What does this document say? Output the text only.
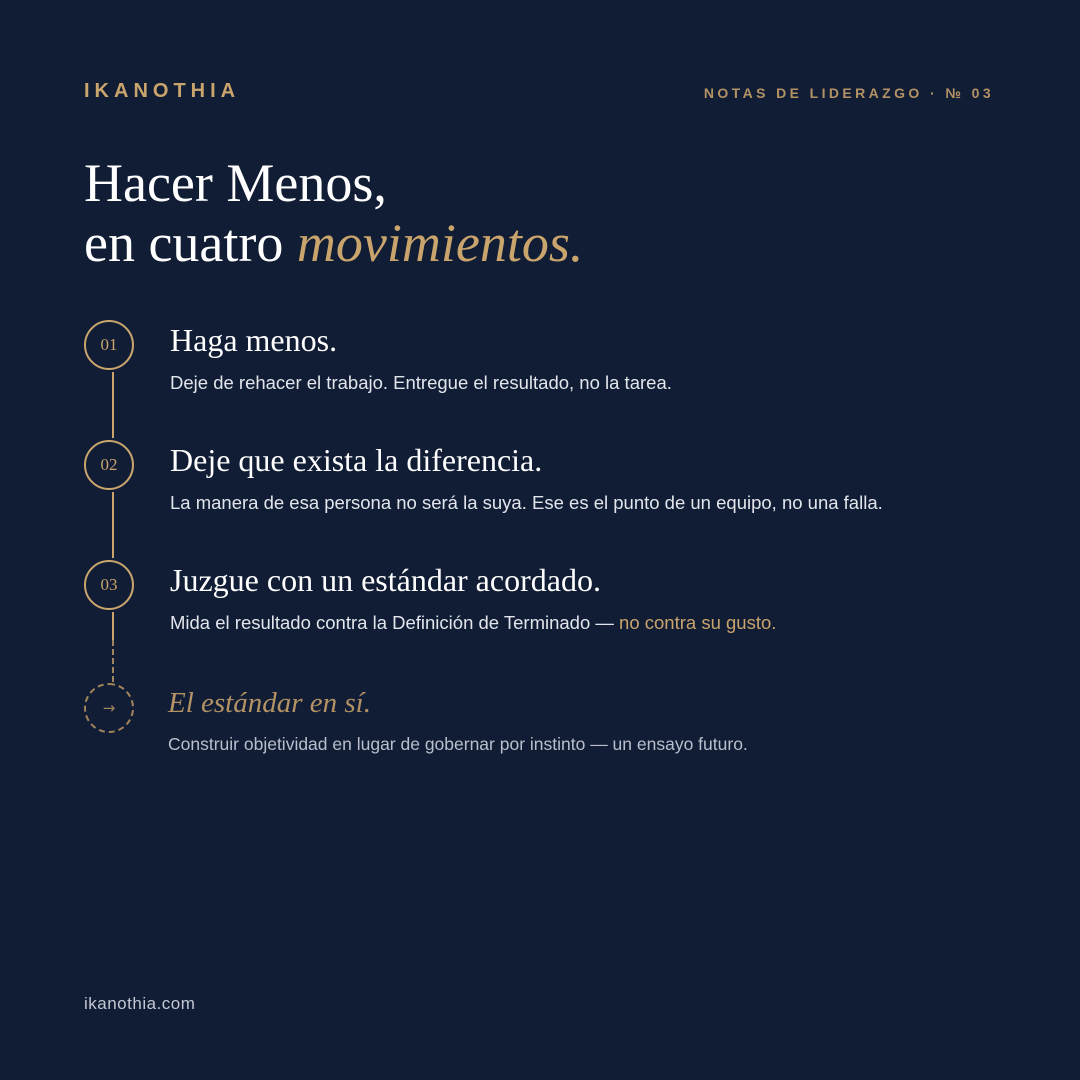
IKANOTHIA	NOTAS DE LIDERAZGO · № 03
Hacer Menos,
en cuatro movimientos.
01	Haga menos.
Deje de rehacer el trabajo. Entregue el resultado, no la tarea.
02	Deje que exista la diferencia.
La manera de esa persona no será la suya. Ese es el punto de un equipo, no una falla.
03	Juzgue con un estándar acordado.
Mida el resultado contra la Definición de Terminado — no contra su gusto.
→	El estándar en sí.
Construir objetividad en lugar de gobernar por instinto — un ensayo futuro.
ikanothia.com
